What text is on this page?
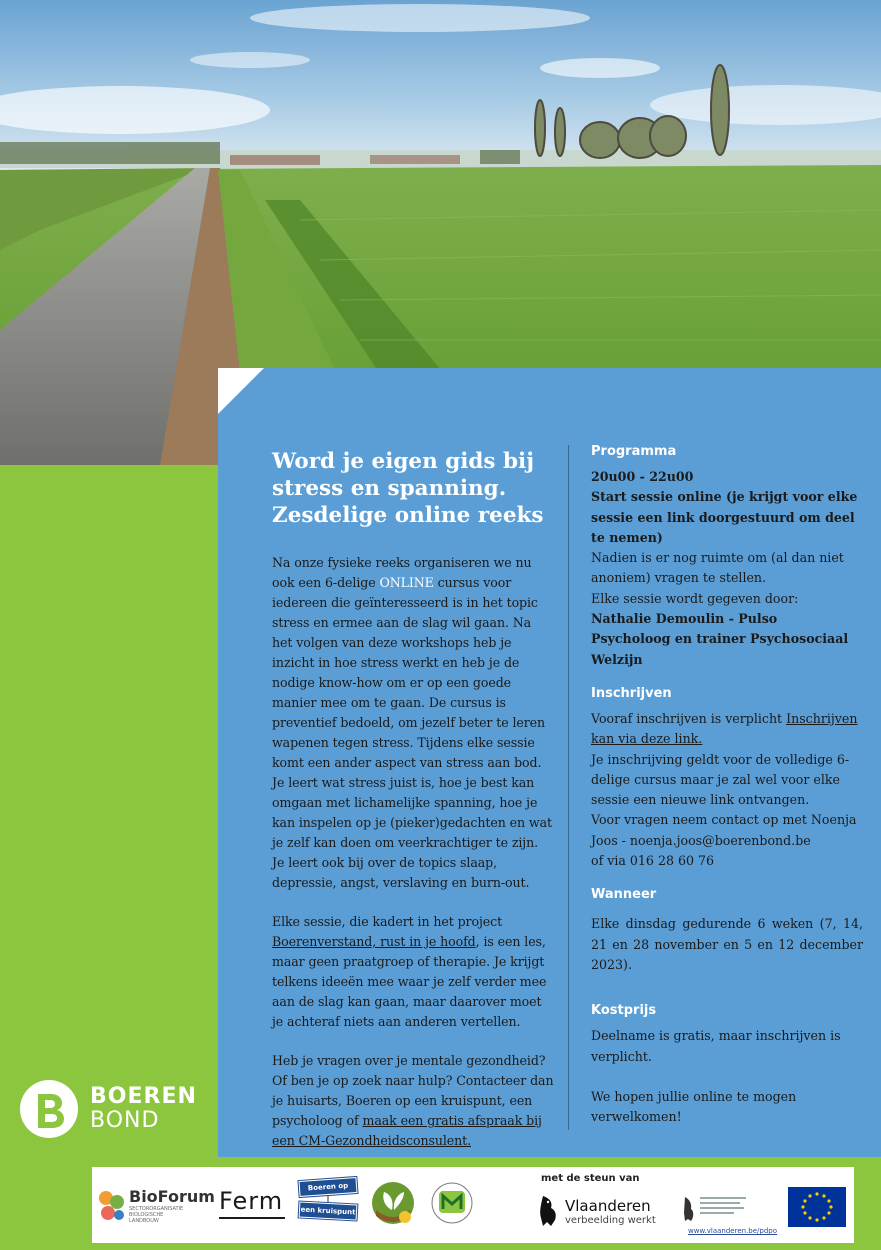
Word je eigen gids bij
stress en spanning.
Zesdelige online reeks

Na onze fysieke reeks organiseren we nu ook een 6-delige ONLINE cursus voor iedereen die geïnteresseerd is in het topic stress en ermee aan de slag wil gaan. Na het volgen van deze workshops heb je inzicht in hoe stress werkt en heb je de nodige know-how om er op een goede manier mee om te gaan. De cursus is preventief bedoeld, om jezelf beter te leren wapenen tegen stress. Tijdens elke sessie komt een ander aspect van stress aan bod. Je leert wat stress juist is, hoe je best kan omgaan met lichamelijke spanning, hoe je kan inspelen op je (pieker)gedachten en wat je zelf kan doen om veerkrachtiger te zijn. Je leert ook bij over de topics slaap, depressie, angst, verslaving en burn-out.

Elke sessie, die kadert in het project Boerenverstand, rust in je hoofd, is een les, maar geen praatgroep of therapie. Je krijgt telkens ideeën mee waar je zelf verder mee aan de slag kan gaan, maar daarover moet je achteraf niets aan anderen vertellen.

Heb je vragen over je mentale gezondheid? Of ben je op zoek naar hulp? Contacteer dan je huisarts, Boeren op een kruispunt, een psycholoog of maak een gratis afspraak bij een CM-Gezondheidsconsulent.

Programma

20u00 - 22u00

Start sessie online (je krijgt voor elke sessie een link doorgestuurd om deel te nemen)

Nadien is er nog ruimte om (al dan niet anoniem) vragen te stellen.

Elke sessie wordt gegeven door:

Nathalie Demoulin - Pulso

Psycholoog en trainer Psychosociaal Welzijn

Inschrijven

Vooraf inschrijven is verplicht Inschrijven kan via deze link.

Je inschrijving geldt voor de volledige 6-delige cursus maar je zal wel voor elke sessie een nieuwe link ontvangen.

Voor vragen neem contact op met Noenja Joos - noenja.joos@boerenbond.be

of via 016 28 60 76

Wanneer

Elke dinsdag gedurende 6 weken (7, 14, 21 en 28 november en 5 en 12 december 2023).

Kostprijs

Deelname is gratis, maar inschrijven is verplicht.

We hopen jullie online te mogen verwelkomen!

BOEREN
BOND
BioForum
SECTORORGANISATIE
BIOLOGISCHE
LANDBOUW
Ferm	Boeren op
een kruispunt
met de steun van
Vlaanderen
verbeelding werkt
www.vlaanderen.be/pdpo
